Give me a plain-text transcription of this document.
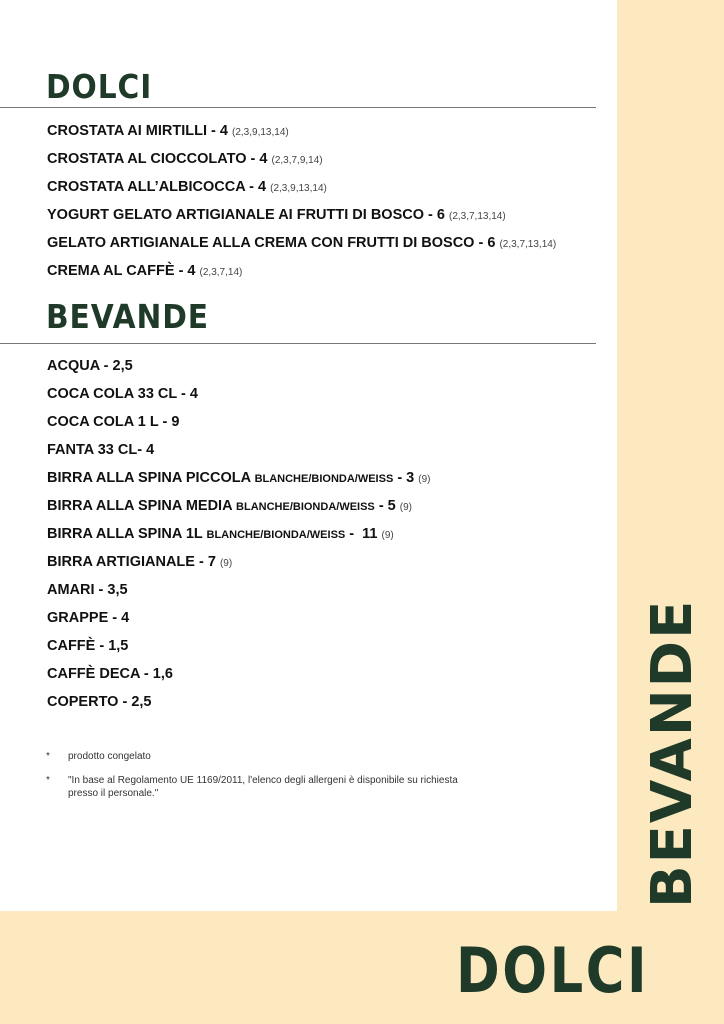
DOLCI
CROSTATA AI MIRTILLI - 4 (2,3,9,13,14)
CROSTATA AL CIOCCOLATO - 4 (2,3,7,9,14)
CROSTATA ALL’ALBICOCCA - 4 (2,3,9,13,14)
YOGURT GELATO ARTIGIANALE AI FRUTTI DI BOSCO - 6 (2,3,7,13,14)
GELATO ARTIGIANALE ALLA CREMA CON FRUTTI DI BOSCO - 6 (2,3,7,13,14)
CREMA AL CAFFÈ - 4 (2,3,7,14)
BEVANDE
ACQUA - 2,5
COCA COLA 33 CL - 4
COCA COLA 1 L - 9
FANTA 33 CL- 4
BIRRA ALLA SPINA PICCOLA BLANCHE/BIONDA/WEISS - 3 (9)
BIRRA ALLA SPINA MEDIA BLANCHE/BIONDA/WEISS - 5 (9)
BIRRA ALLA SPINA 1L BLANCHE/BIONDA/WEISS -  11 (9)
BIRRA ARTIGIANALE - 7 (9)
AMARI - 3,5
GRAPPE - 4
CAFFÈ - 1,5
CAFFÈ DECA - 1,6
COPERTO - 2,5
*	prodotto congelato
*	"In base al Regolamento UE 1169/2011, l'elenco degli allergeni è disponibile su richiesta presso il personale."	BEVANDE
DOLCI
